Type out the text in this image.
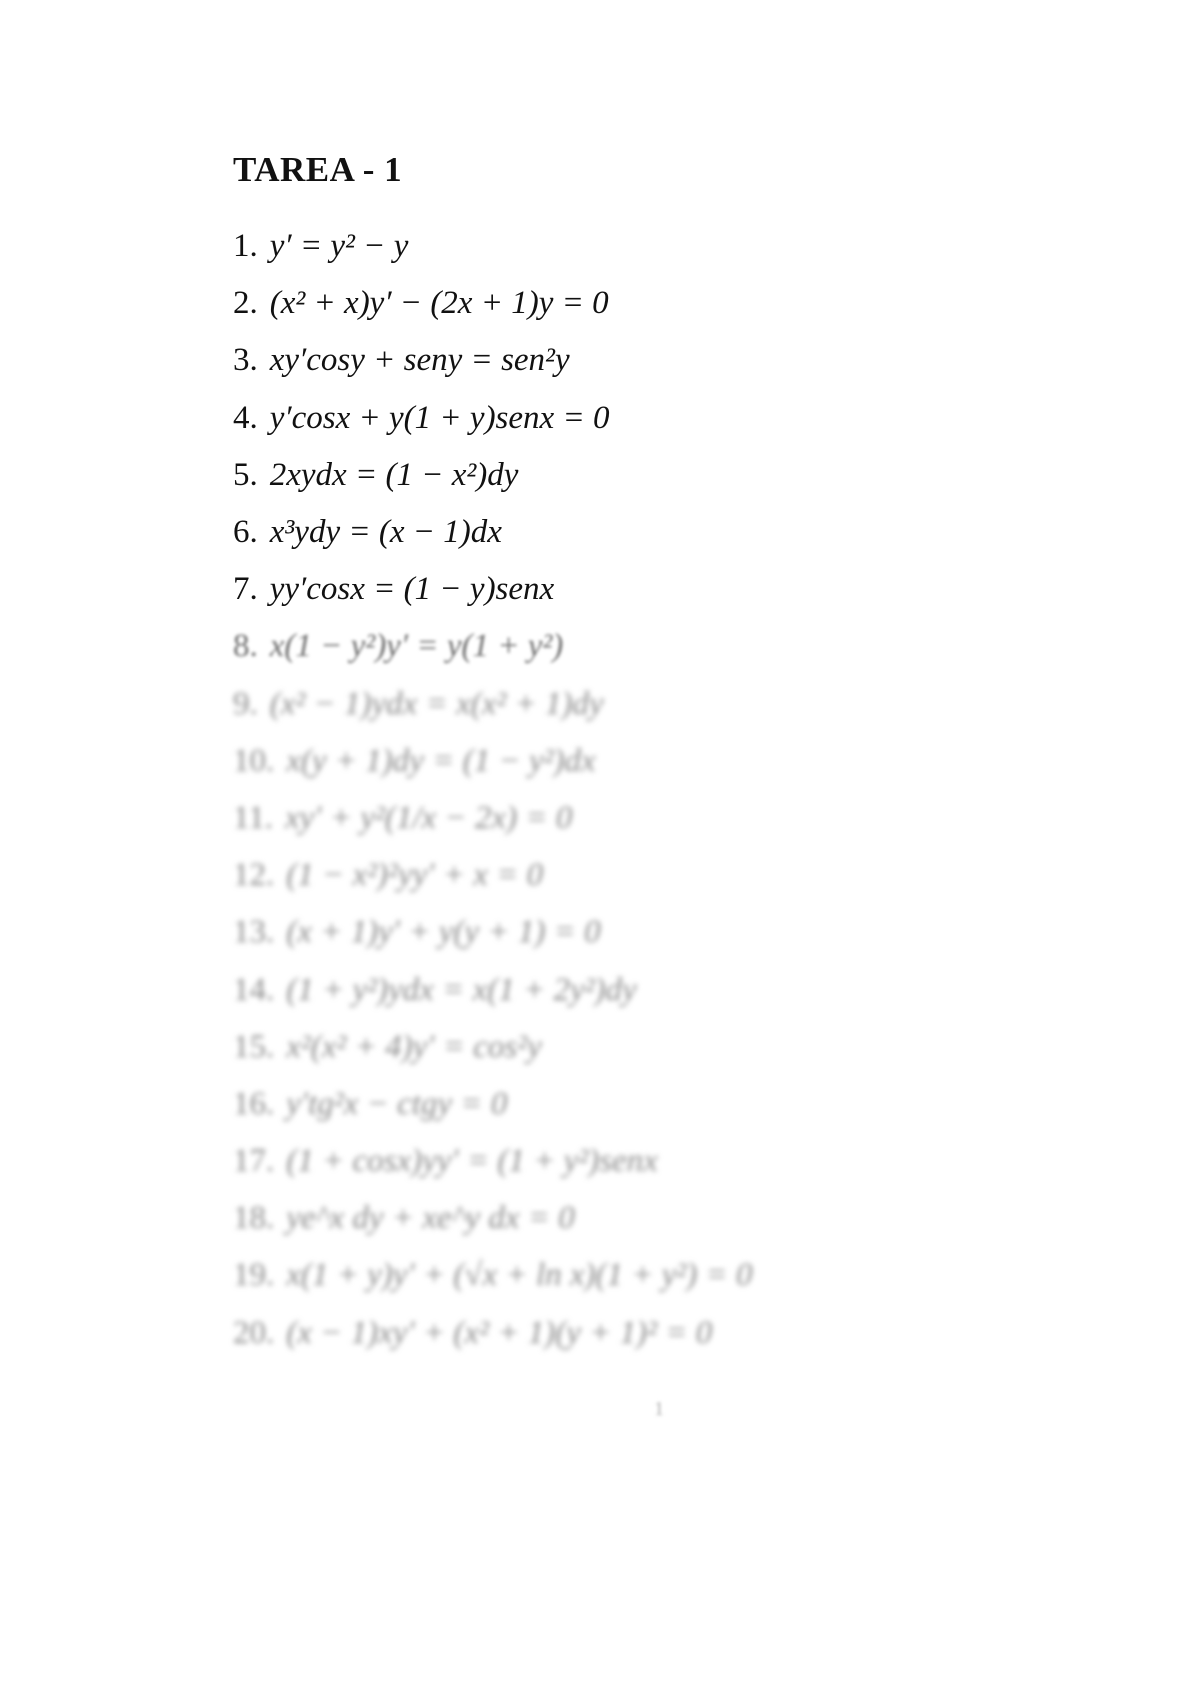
TAREA - 1
1. y′ = y² − y
2. (x² + x)y′ − (2x + 1)y = 0
3. xy′cosy + seny = sen²y
4. y′cosx + y(1 + y)senx = 0
5. 2xydx = (1 − x²)dy
6. x³ydy = (x − 1)dx
7. yy′cosx = (1 − y)senx
8. x(1 − y²)y′ = y(1 + y²)
9. (x² − 1)ydx = x(x² + 1)dy
10. x(y + 1)dy = (1 − y²)dx
11. xy′ + y²(1/x − 2x) = 0
12. (1 − x²)²yy′ + x = 0
13. (x + 1)y′ + y(y + 1) = 0
14. (1 + y²)ydx = x(1 + 2y²)dy
15. x²(x² + 4)y′ = cos²y
16. y′tg²x − ctgy = 0
17. (1 + cosx)yy′ = (1 + y²)senx
18. ye^x dy + xe^y dx = 0
19. x(1 + y)y′ + (√x + ln x)(1 + y²) = 0
20. (x − 1)xy′ + (x² + 1)(y + 1)² = 0
1
